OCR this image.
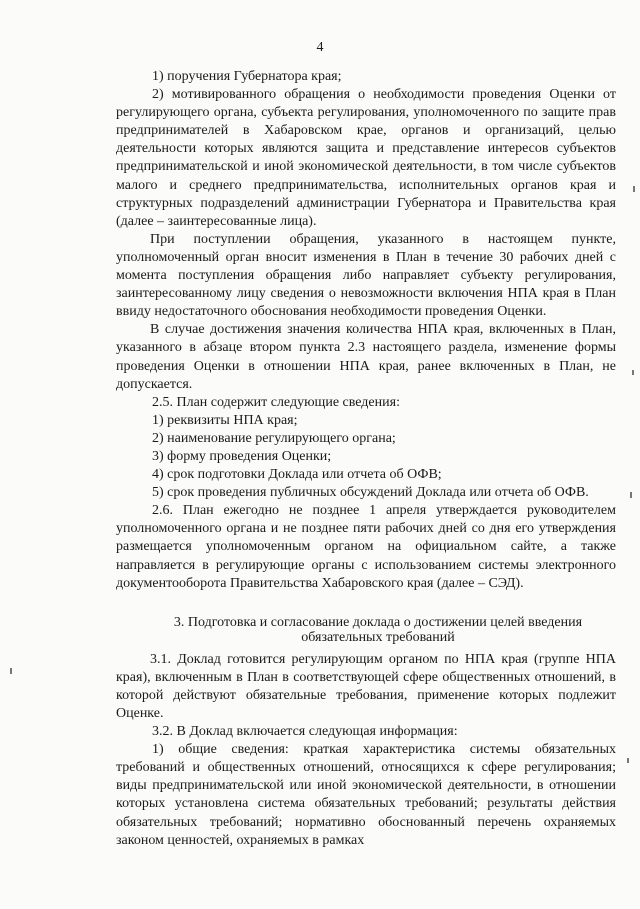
4

1) поручения Губернатора края;

2) мотивированного обращения о необходимости проведения Оценки от регулирующего органа, субъекта регулирования, уполномоченного по защите прав предпринимателей в Хабаровском крае, органов и организаций, целью деятельности которых являются защита и представление интересов субъектов предпринимательской и иной экономической деятельности, в том числе субъектов малого и среднего предпринимательства, исполнительных органов края и структурных подразделений администрации Губернатора и Правительства края (далее – заинтересованные лица).

При поступлении обращения, указанного в настоящем пункте, уполномоченный орган вносит изменения в План в течение 30 рабочих дней с момента поступления обращения либо направляет субъекту регулирования, заинтересованному лицу сведения о невозможности включения НПА края в План ввиду недостаточного обоснования необходимости проведения Оценки.

В случае достижения значения количества НПА края, включенных в План, указанного в абзаце втором пункта 2.3 настоящего раздела, изменение формы проведения Оценки в отношении НПА края, ранее включенных в План, не допускается.

2.5. План содержит следующие сведения:

1) реквизиты НПА края;

2) наименование регулирующего органа;

3) форму проведения Оценки;

4) срок подготовки Доклада или отчета об ОФВ;

5) срок проведения публичных обсуждений Доклада или отчета об ОФВ.

2.6. План ежегодно не позднее 1 апреля утверждается руководителем уполномоченного органа и не позднее пяти рабочих дней со дня его утверждения размещается уполномоченным органом на официальном сайте, а также направляется в регулирующие органы с использованием системы электронного документооборота Правительства Хабаровского края (далее – СЭД).

3. Подготовка и согласование доклада о достижении целей введения обязательных требований

3.1. Доклад готовится регулирующим органом по НПА края (группе НПА края), включенным в План в соответствующей сфере общественных отношений, в которой действуют обязательные требования, применение которых подлежит Оценке.

3.2. В Доклад включается следующая информация:

1) общие сведения: краткая характеристика системы обязательных требований и общественных отношений, относящихся к сфере регулирования; виды предпринимательской или иной экономической деятельности, в отношении которых установлена система обязательных требований; результаты действия обязательных требований; нормативно обоснованный перечень охраняемых законом ценностей, охраняемых в рамках
